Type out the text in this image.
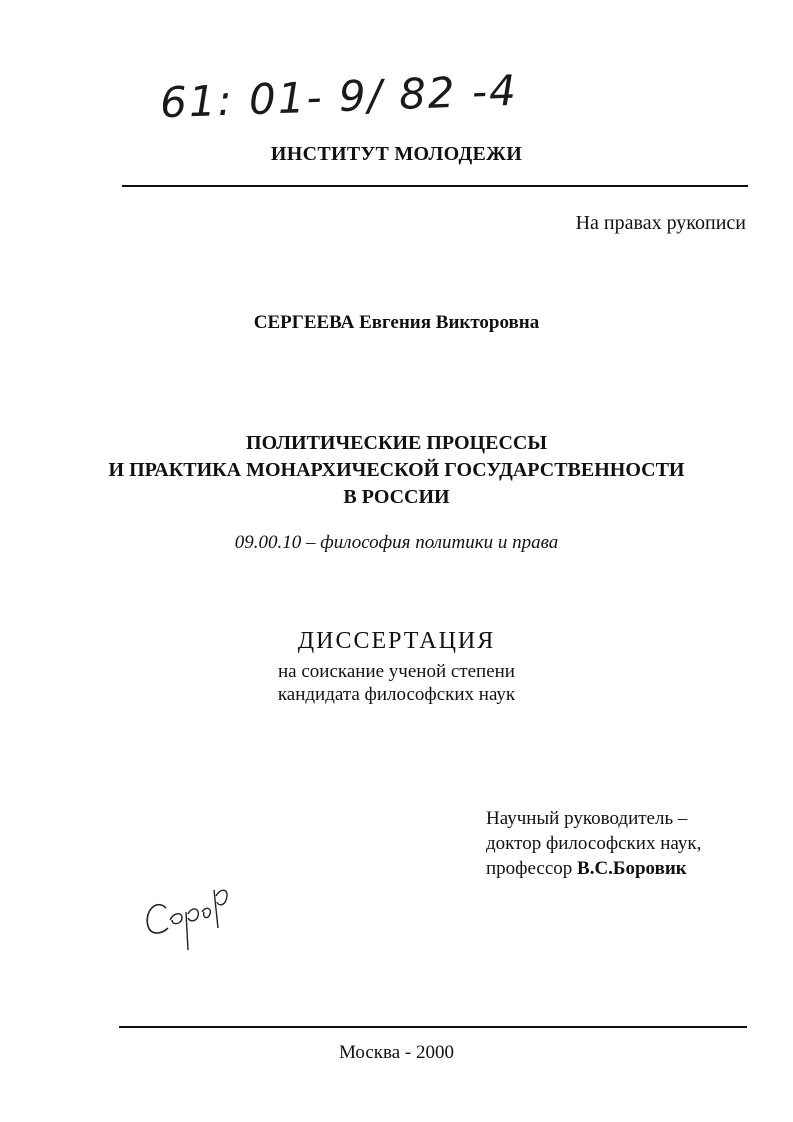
61: 01- 9/ 82 -4
ИНСТИТУТ МОЛОДЕЖИ
На правах рукописи
СЕРГЕЕВА Евгения Викторовна
ПОЛИТИЧЕСКИЕ ПРОЦЕССЫ
И ПРАКТИКА МОНАРХИЧЕСКОЙ ГОСУДАРСТВЕННОСТИ
В РОССИИ
09.00.10 – философия политики и права
ДИССЕРТАЦИЯ
на соискание ученой степени
кандидата философских наук
Научный руководитель –
доктор философских наук,
профессор В.С.Боровик
Москва - 2000
